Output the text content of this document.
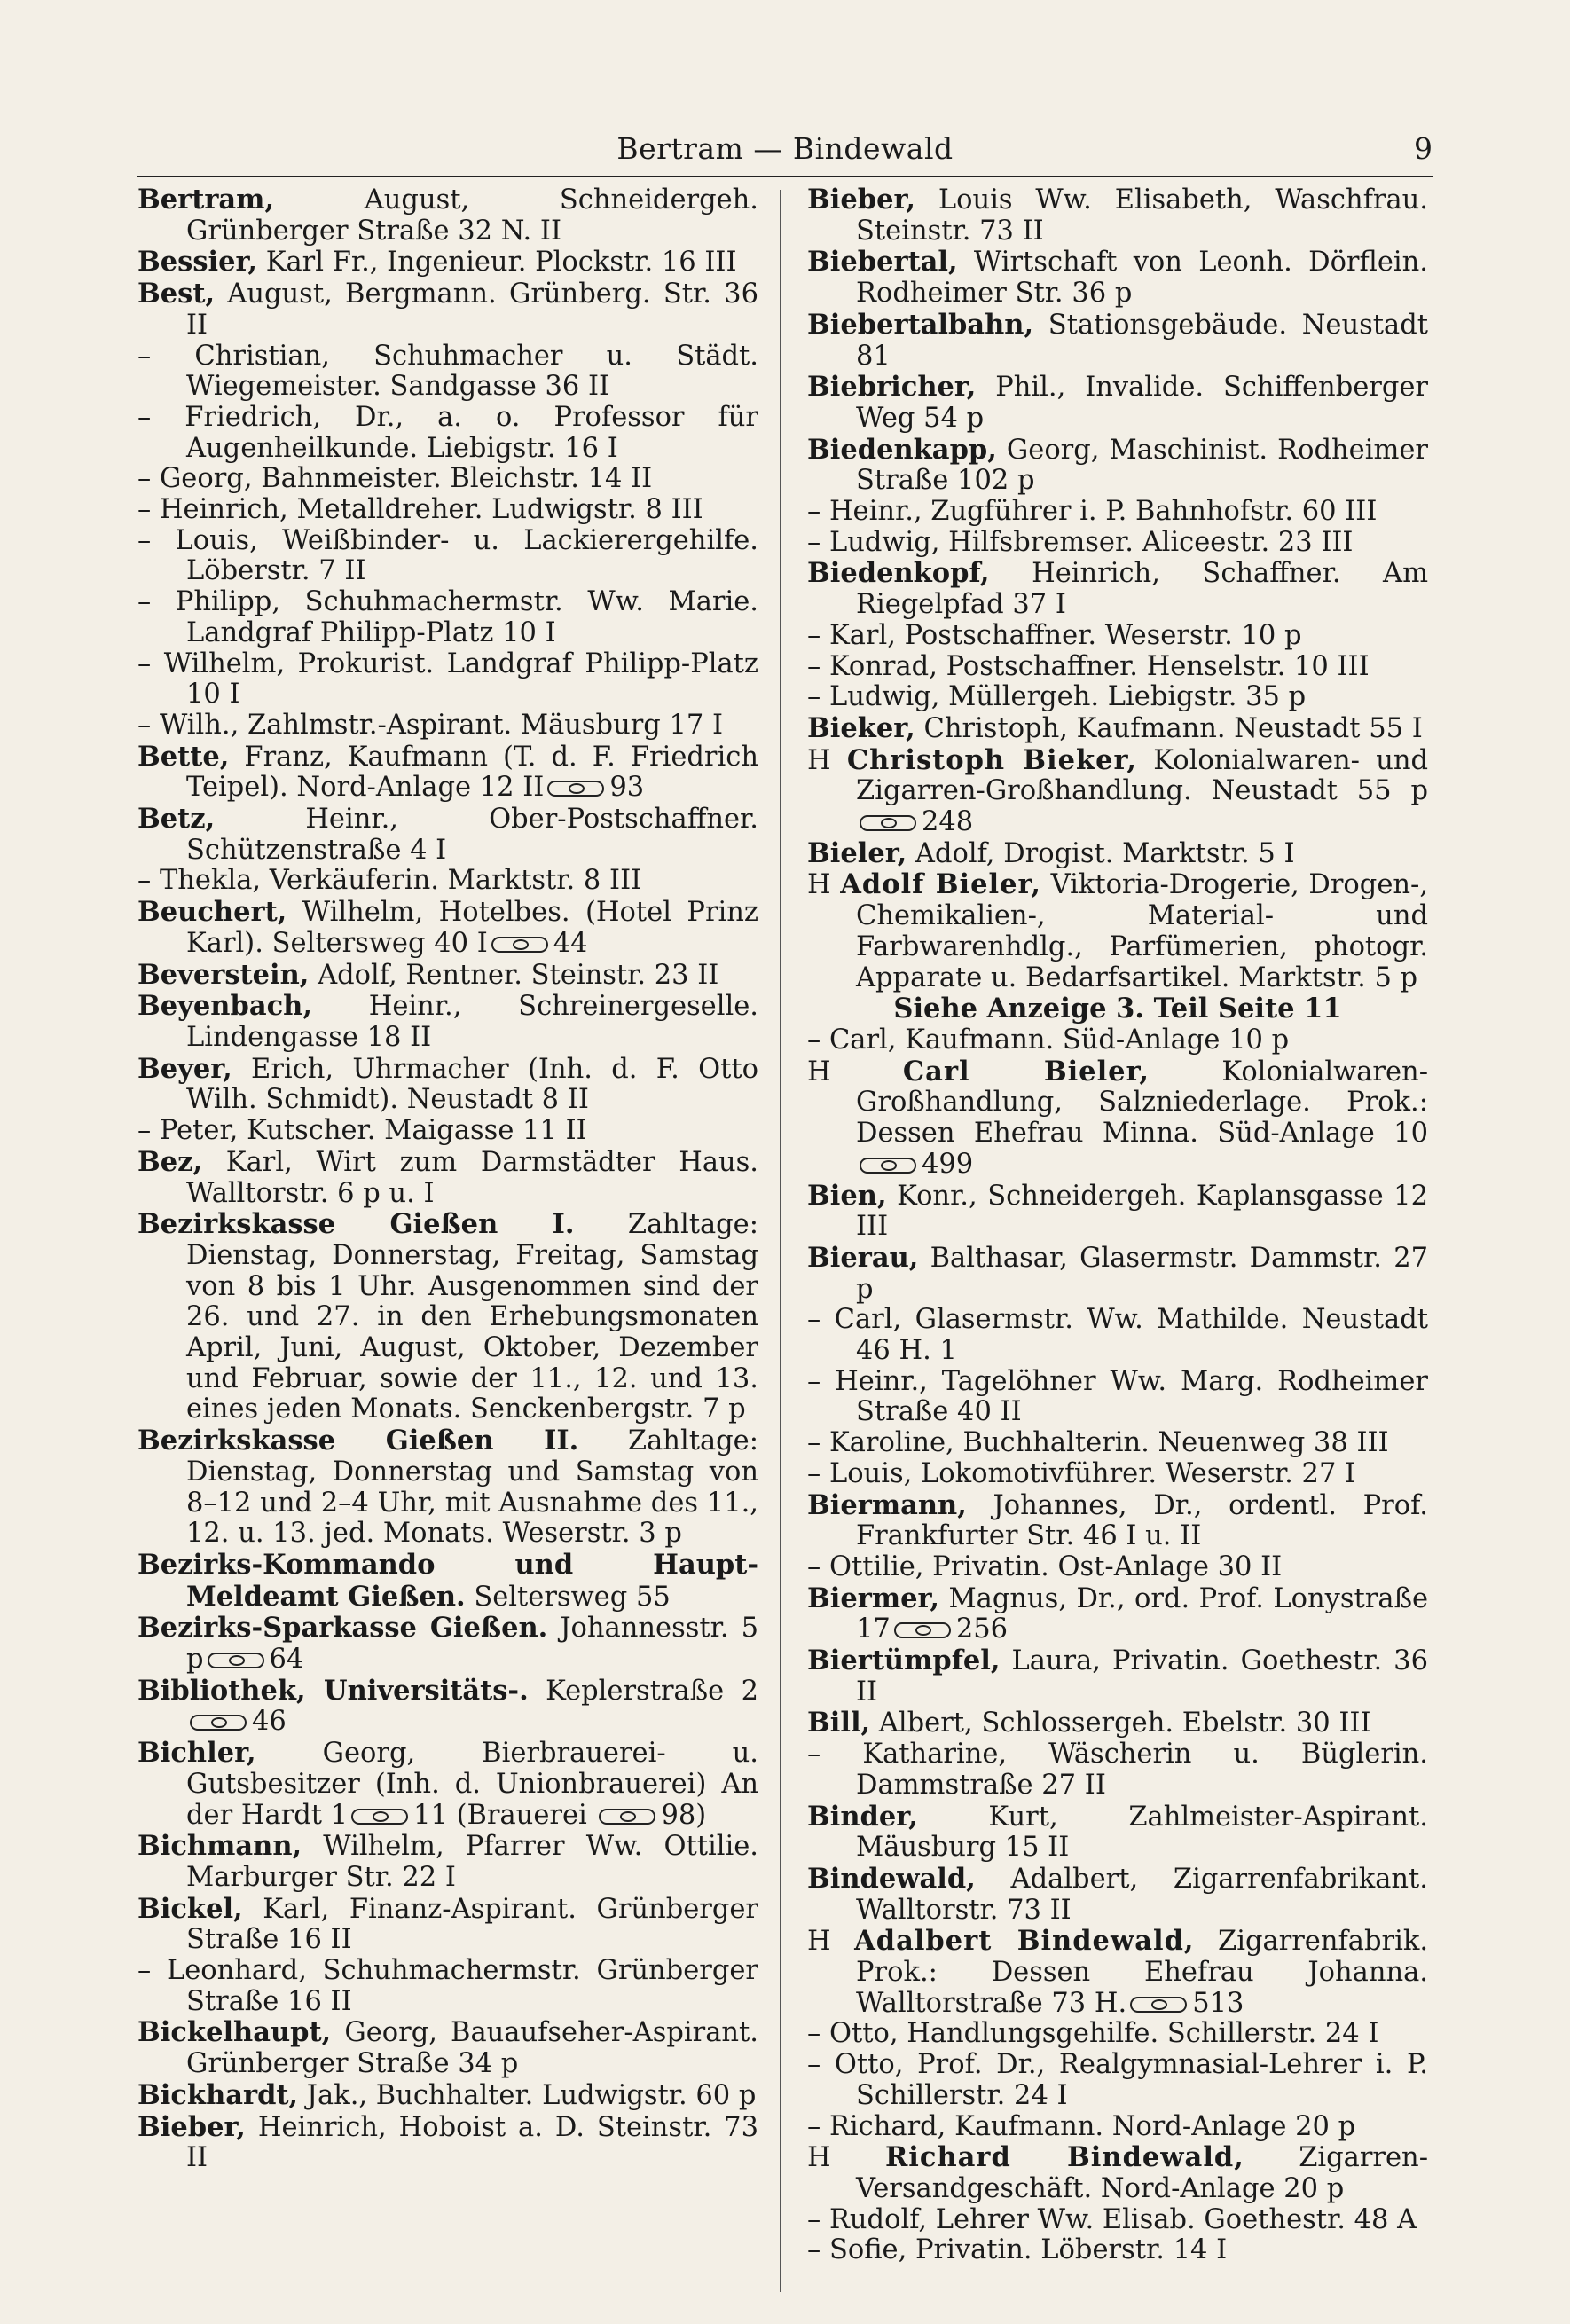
Bertram — Bindewald	9

Bertram, August, Schneidergeh. Grünberger Straße 32 N. II

Bessier, Karl Fr., Ingenieur. Plockstr. 16 III

Best, August, Bergmann. Grünberg. Str. 36 II

– Christian, Schuhmacher u. Städt. Wiegemeister. Sandgasse 36 II

– Friedrich, Dr., a. o. Professor für Augenheilkunde. Liebigstr. 16 I

– Georg, Bahnmeister. Bleichstr. 14 II

– Heinrich, Metalldreher. Ludwigstr. 8 III

– Louis, Weißbinder- u. Lackierergehilfe. Löberstr. 7 II

– Philipp, Schuhmachermstr. Ww. Marie. Landgraf Philipp-Platz 10 I

– Wilhelm, Prokurist. Landgraf Philipp-Platz 10 I

– Wilh., Zahlmstr.-Aspirant. Mäusburg 17 I

Bette, Franz, Kaufmann (T. d. F. Friedrich Teipel). Nord-Anlage 12 II 93

Betz, Heinr., Ober-Postschaffner. Schützenstraße 4 I

– Thekla, Verkäuferin. Marktstr. 8 III

Beuchert, Wilhelm, Hotelbes. (Hotel Prinz Karl). Seltersweg 40 I 44

Beverstein, Adolf, Rentner. Steinstr. 23 II

Beyenbach, Heinr., Schreinergeselle. Lindengasse 18 II

Beyer, Erich, Uhrmacher (Inh. d. F. Otto Wilh. Schmidt). Neustadt 8 II

– Peter, Kutscher. Maigasse 11 II

Bez, Karl, Wirt zum Darmstädter Haus. Walltorstr. 6 p u. I

Bezirkskasse Gießen I. Zahltage: Dienstag, Donnerstag, Freitag, Samstag von 8 bis 1 Uhr. Ausgenommen sind der 26. und 27. in den Erhebungsmonaten April, Juni, August, Oktober, Dezember und Februar, sowie der 11., 12. und 13. eines jeden Monats. Senckenbergstr. 7 p

Bezirkskasse Gießen II. Zahltage: Dienstag, Donnerstag und Samstag von 8–12 und 2–4 Uhr, mit Ausnahme des 11., 12. u. 13. jed. Monats. Weserstr. 3 p

Bezirks-Kommando und Haupt-Meldeamt Gießen. Seltersweg 55

Bezirks-Sparkasse Gießen. Johannesstr. 5 p 64

Bibliothek, Universitäts-. Keplerstraße 246

Bichler, Georg, Bierbrauerei- u. Gutsbesitzer (Inh. d. Unionbrauerei) An der Hardt 1 11 (Brauerei	98)

Bichmann, Wilhelm, Pfarrer Ww. Ottilie. Marburger Str. 22 I

Bickel, Karl, Finanz-Aspirant. Grünberger Straße 16 II

– Leonhard, Schuhmachermstr. Grünberger Straße 16 II

Bickelhaupt, Georg, Bauaufseher-Aspirant. Grünberger Straße 34 p

Bickhardt, Jak., Buchhalter. Ludwigstr. 60 p

Bieber, Heinrich, Hoboist a. D. Steinstr. 73 II

Bieber, Louis Ww. Elisabeth, Waschfrau. Steinstr. 73 II

Biebertal, Wirtschaft von Leonh. Dörflein. Rodheimer Str. 36 p

Biebertalbahn, Stationsgebäude. Neustadt 81

Biebricher, Phil., Invalide. Schiffenberger Weg 54 p

Biedenkapp, Georg, Maschinist. Rodheimer Straße 102 p

– Heinr., Zugführer i. P. Bahnhofstr. 60 III

– Ludwig, Hilfsbremser. Aliceestr. 23 III

Biedenkopf, Heinrich, Schaffner. Am Riegelpfad 37 I

– Karl, Postschaffner. Weserstr. 10 p

– Konrad, Postschaffner. Henselstr. 10 III

– Ludwig, Müllergeh. Liebigstr. 35 p

Bieker, Christoph, Kaufmann. Neustadt 55 I

H Christoph Bieker, Kolonialwaren- und Zigarren-Großhandlung. Neustadt 55 p248

Bieler, Adolf, Drogist. Marktstr. 5 I

H Adolf Bieler, Viktoria-Drogerie, Drogen-, Chemikalien-, Material- und Farbwarenhdlg., Parfümerien, photogr. Apparate u. Bedarfsartikel. Marktstr. 5 p

Siehe Anzeige 3. Teil Seite 11

– Carl, Kaufmann. Süd-Anlage 10 p

H Carl Bieler, Kolonialwaren-Großhandlung, Salzniederlage. Prok.: Dessen Ehefrau Minna. Süd-Anlage 10499

Bien, Konr., Schneidergeh. Kaplansgasse 12 III

Bierau, Balthasar, Glasermstr. Dammstr. 27 p

– Carl, Glasermstr. Ww. Mathilde. Neustadt 46 H. 1

– Heinr., Tagelöhner Ww. Marg. Rodheimer Straße 40 II

– Karoline, Buchhalterin. Neuenweg 38 III

– Louis, Lokomotivführer. Weserstr. 27 I

Biermann, Johannes, Dr., ordentl. Prof. Frankfurter Str. 46 I u. II

– Ottilie, Privatin. Ost-Anlage 30 II

Biermer, Magnus, Dr., ord. Prof. Lonystraße 17 256

Biertümpfel, Laura, Privatin. Goethestr. 36 II

Bill, Albert, Schlossergeh. Ebelstr. 30 III

– Katharine, Wäscherin u. Büglerin. Dammstraße 27 II

Binder, Kurt, Zahlmeister-Aspirant. Mäusburg 15 II

Bindewald, Adalbert, Zigarrenfabrikant. Walltorstr. 73 II

H Adalbert Bindewald, Zigarrenfabrik. Prok.: Dessen Ehefrau Johanna. Walltorstraße 73 H. 513

– Otto, Handlungsgehilfe. Schillerstr. 24 I

– Otto, Prof. Dr., Realgymnasial-Lehrer i. P. Schillerstr. 24 I

– Richard, Kaufmann. Nord-Anlage 20 p

H Richard Bindewald, Zigarren-Versandgeschäft. Nord-Anlage 20 p

– Rudolf, Lehrer Ww. Elisab. Goethestr. 48 A

– Sofie, Privatin. Löberstr. 14 I
